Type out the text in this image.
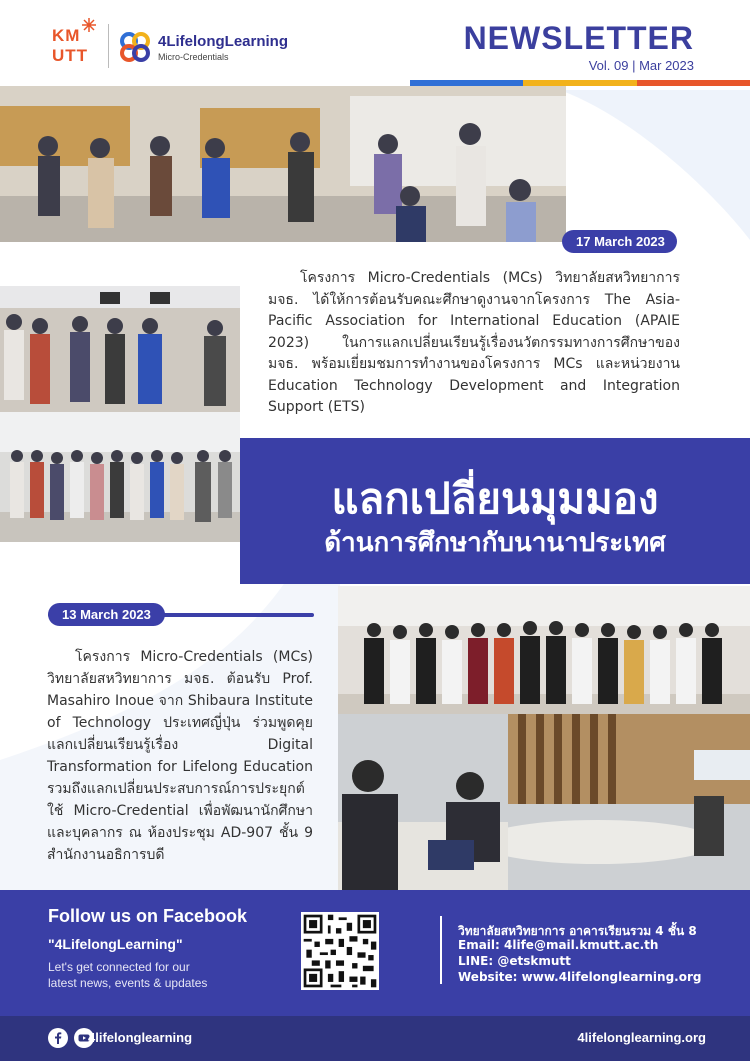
KM
UTT
4LifelongLearning
Micro-Credentials
NEWSLETTER
Vol. 09 | Mar 2023
17 March 2023
โครงการ Micro-Credentials (MCs) วิทยาลัยสหวิทยาการ มจธ. ได้ให้การต้อนรับคณะศึกษาดูงานจากโครงการ The Asia-Pacific Association for International Education (APAIE 2023) ในการแลกเปลี่ยนเรียนรู้เรื่องนวัตกรรมทางการศึกษาของ มจธ. พร้อมเยี่ยมชมการทำงานของโครงการ MCs และหน่วยงาน Education Technology Development and Integration Support (ETS)
แลกเปลี่ยนมุมมอง
ด้านการศึกษากับนานาประเทศ
13 March 2023
โครงการ Micro-Credentials (MCs) วิทยาลัยสหวิทยาการ มจธ. ต้อนรับ Prof. Masahiro Inoue จาก Shibaura Institute of Technology ประเทศญี่ปุ่น ร่วมพูดคุยแลกเปลี่ยนเรียนรู้เรื่อง Digital Transformation for Lifelong Education รวมถึงแลกเปลี่ยนประสบการณ์การประยุกต์ใช้ Micro-Credential เพื่อพัฒนานักศึกษาและบุคลากร ณ ห้องประชุม AD-907 ชั้น 9 สำนักงานอธิการบดี
Follow us on Facebook
"4LifelongLearning"
Let's get connected for our
latest news, events & updates
วิทยาลัยสหวิทยาการ อาคารเรียนรวม 4 ชั้น 8
Email: 4life@mail.kmutt.ac.th
LINE: @etskmutt
Website: www.4lifelonglearning.org
4lifelonglearning	4lifelonglearning.org
